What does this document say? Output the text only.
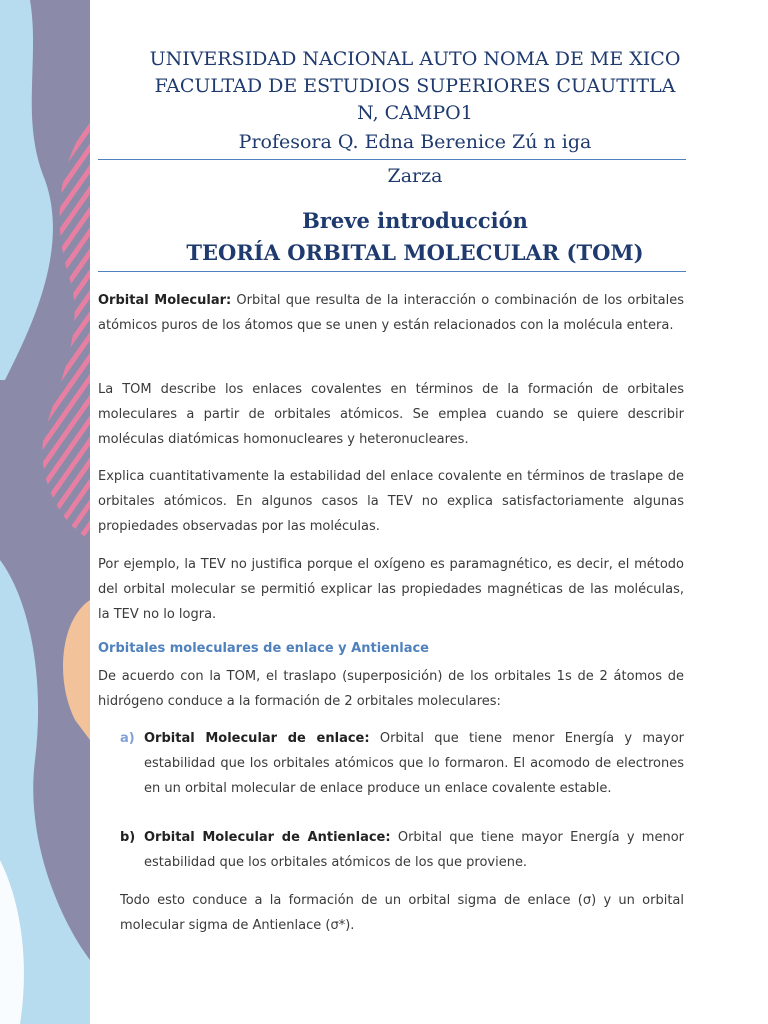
UNIVERSIDAD NACIONAL AUTO NOMA DE ME XICO
FACULTAD DE ESTUDIOS SUPERIORES CUAUTITLA
N, CAMPO1
Profesora Q. Edna Berenice Zú n iga
Zarza
Breve introducción
TEORÍA ORBITAL MOLECULAR (TOM)
Orbital Molecular: Orbital que resulta de la interacción o combinación de los orbitales atómicos puros de los átomos que se unen y están relacionados con la molécula entera.
La TOM describe los enlaces covalentes en términos de la formación de orbitales moleculares a partir de orbitales atómicos. Se emplea cuando se quiere describir moléculas diatómicas homonucleares y heteronucleares.
Explica cuantitativamente la estabilidad del enlace covalente en términos de traslape de orbitales atómicos. En algunos casos la TEV no explica satisfactoriamente algunas propiedades observadas por las moléculas.
Por ejemplo, la TEV no justifica porque el oxígeno es paramagnético, es decir, el método del orbital molecular se permitió explicar las propiedades magnéticas de las moléculas, la TEV no lo logra.
Orbitales moleculares de enlace y Antienlace
De acuerdo con la TOM, el traslapo (superposición) de los orbitales 1s de 2 átomos de hidrógeno conduce a la formación de 2 orbitales moleculares:
a) Orbital Molecular de enlace: Orbital que tiene menor Energía y mayor estabilidad que los orbitales atómicos que lo formaron. El acomodo de electrones en un orbital molecular de enlace produce un enlace covalente estable.
b) Orbital Molecular de Antienlace: Orbital que tiene mayor Energía y menor estabilidad que los orbitales atómicos de los que proviene.
Todo esto conduce a la formación de un orbital sigma de enlace (σ) y un orbital molecular sigma de Antienlace (σ*).
